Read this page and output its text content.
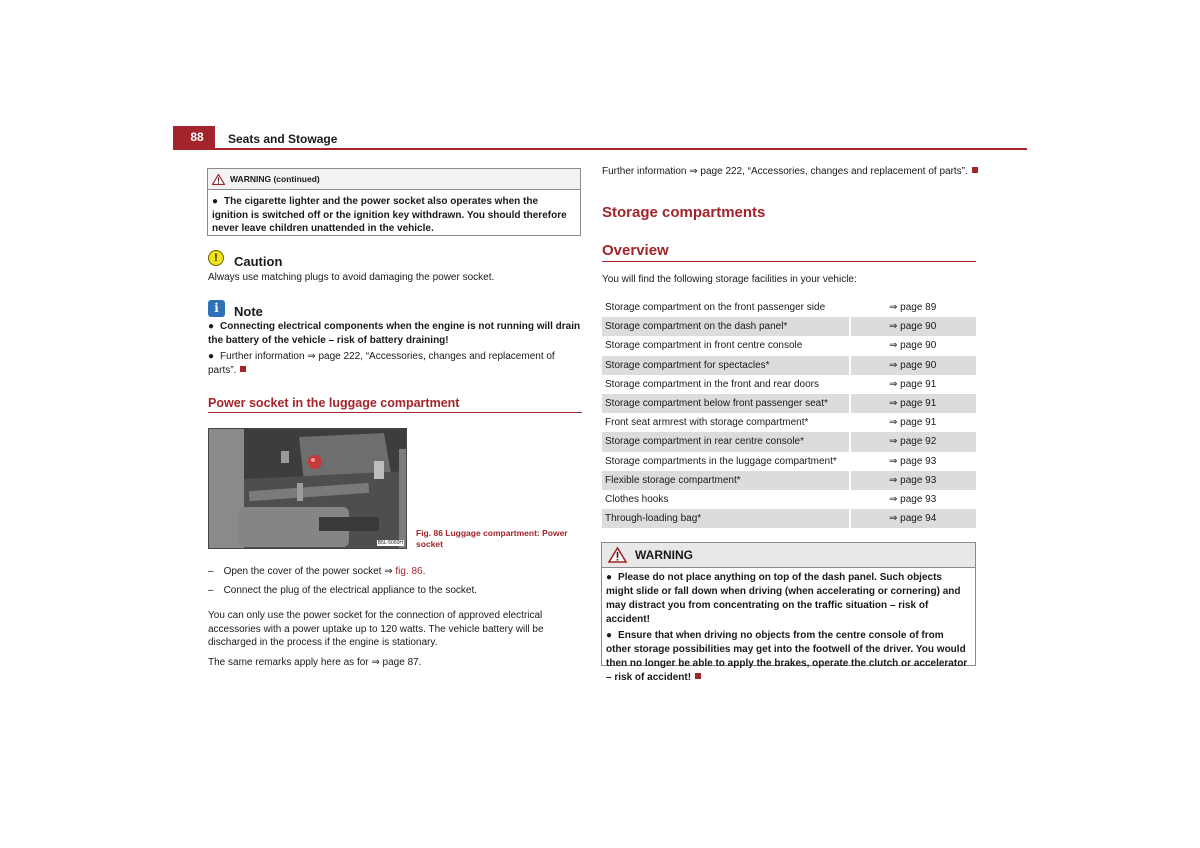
88	Seats and Stowage
WARNING (continued)
● The cigarette lighter and the power socket also operates when the ignition is switched off or the ignition key withdrawn. You should therefore never leave children unattended in the vehicle.
!	Caution
Always use matching plugs to avoid damaging the power socket.
i	Note
● Connecting electrical components when the engine is not running will drain the battery of the vehicle – risk of battery draining!
● Further information ⇒ page 222, “Accessories, changes and replacement of parts”.
Power socket in the luggage compartment
B5L-5060H
Fig. 86 Luggage compartment: Power socket
– Open the cover of the power socket ⇒ fig. 86.
– Connect the plug of the electrical appliance to the socket.
You can only use the power socket for the connection of approved electrical accessories with a power uptake up to 120 watts. The vehicle battery will be discharged in the process if the engine is stationary.
The same remarks apply here as for ⇒ page 87.
Further information ⇒ page 222, “Accessories, changes and replacement of parts”.
Storage compartments
Overview
You will find the following storage facilities in your vehicle:
Storage compartment on the front passenger side	⇒ page 89
Storage compartment on the dash panel*	⇒ page 90
Storage compartment in front centre console	⇒ page 90
Storage compartment for spectacles*	⇒ page 90
Storage compartment in the front and rear doors	⇒ page 91
Storage compartment below front passenger seat*	⇒ page 91
Front seat armrest with storage compartment*	⇒ page 91
Storage compartment in rear centre console*	⇒ page 92
Storage compartments in the luggage compartment*	⇒ page 93
Flexible storage compartment*	⇒ page 93
Clothes hooks	⇒ page 93
Through-loading bag*	⇒ page 94
WARNING
● Please do not place anything on top of the dash panel. Such objects might slide or fall down when driving (when accelerating or cornering) and may distract you from concentrating on the traffic situation – risk of accident!
● Ensure that when driving no objects from the centre console of from other storage possibilities may get into the footwell of the driver. You would then no longer be able to apply the brakes, operate the clutch or accelerator – risk of accident!
